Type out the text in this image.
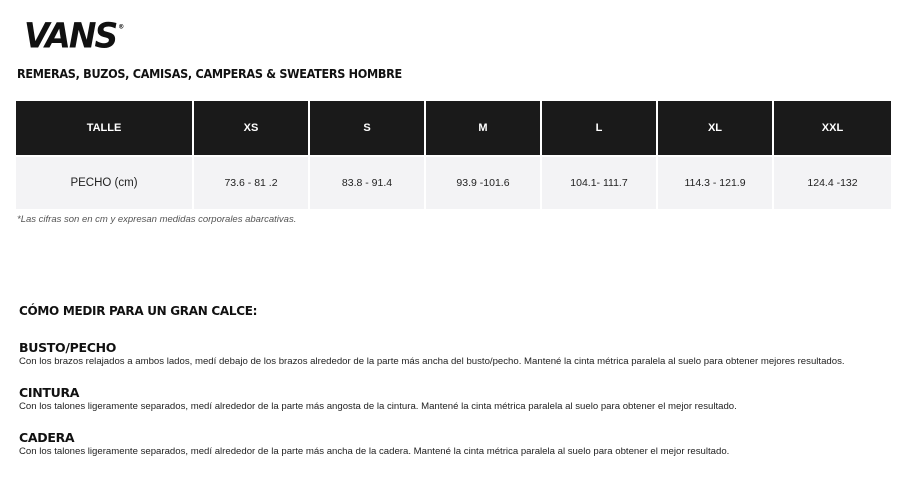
VANS ®
REMERAS, BUZOS, CAMISAS, CAMPERAS & SWEATERS HOMBRE
TALLE	XS	S	M	L	XL	XXL
PECHO (cm)	73.6 - 81 .2	83.8 - 91.4	93.9 -101.6	104.1- 111.7	114.3 - 121.9	124.4 -132
*Las cifras son en cm y expresan medidas corporales abarcativas.
CÓMO MEDIR PARA UN GRAN CALCE:
BUSTO/PECHO

Con los brazos relajados a ambos lados, medí debajo de los brazos alrededor de la parte más ancha del busto/pecho. Mantené la cinta métrica paralela al suelo para obtener mejores resultados.

CINTURA

Con los talones ligeramente separados, medí alrededor de la parte más angosta de la cintura. Mantené la cinta métrica paralela al suelo para obtener el mejor resultado.

CADERA

Con los talones ligeramente separados, medí alrededor de la parte más ancha de la cadera. Mantené la cinta métrica paralela al suelo para obtener el mejor resultado.
